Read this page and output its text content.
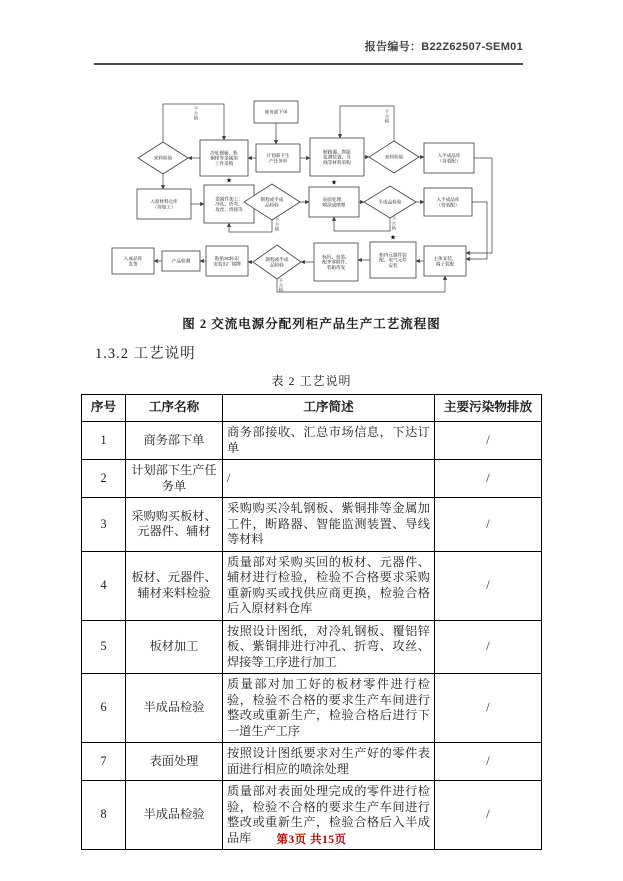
报告编号：B22Z62507-SEM01
商务部下单
计划部下生产任务单
冷轧钢板、紫铜排等金属加工件采购
来料检验
断路器、智能监测装置、导线等材料采购
来料检验	入半成品库（待装配）
入原材料仓库（待加工）
★
金属件加工：冲孔、折弯、攻丝、焊接等
制程或半成品检验
★
表面处理：喷涂或喷塑
半成品检验
入半成品库（待装配）
入成品库发货
产品检测
粘贴3C标识安装出厂铭牌
制程或半成品检验
标识、包装、配齐零附件、装箱待发
★
柜内元器件装配、电气元件安装
主体安装、端子装配
不合格
不合格
不合格
不合格
不合格
图 2 交流电源分配列柜产品生产工艺流程图
1.3.2 工艺说明
表 2 工艺说明
序号	工序名称	工序简述	主要污染物排放
1	商务部下单	商务部接收、汇总市场信息，下达订单	/
2	计划部下生产任务单	/	/
3	采购购买板材、元器件、辅材	采购购买冷轧钢板、紫铜排等金属加工件，断路器、智能监测装置、导线等材料	/
4	板材、元器件、辅材来料检验	质量部对采购买回的板材、元器件、辅材进行检验，检验不合格要求采购重新购买或找供应商更换，检验合格后入原材料仓库	/
5	板材加工	按照设计图纸，对冷轧钢板、覆铝锌板、紫铜排进行冲孔、折弯、攻丝、焊接等工序进行加工	/
6	半成品检验	质量部对加工好的板材零件进行检验，检验不合格的要求生产车间进行整改或重新生产，检验合格后进行下一道生产工序	/
7	表面处理	按照设计图纸要求对生产好的零件表面进行相应的喷涂处理	/
8	半成品检验	质量部对表面处理完成的零件进行检验，检验不合格的要求生产车间进行整改或重新生产，检验合格后入半成品库	/
第3页 共15页
